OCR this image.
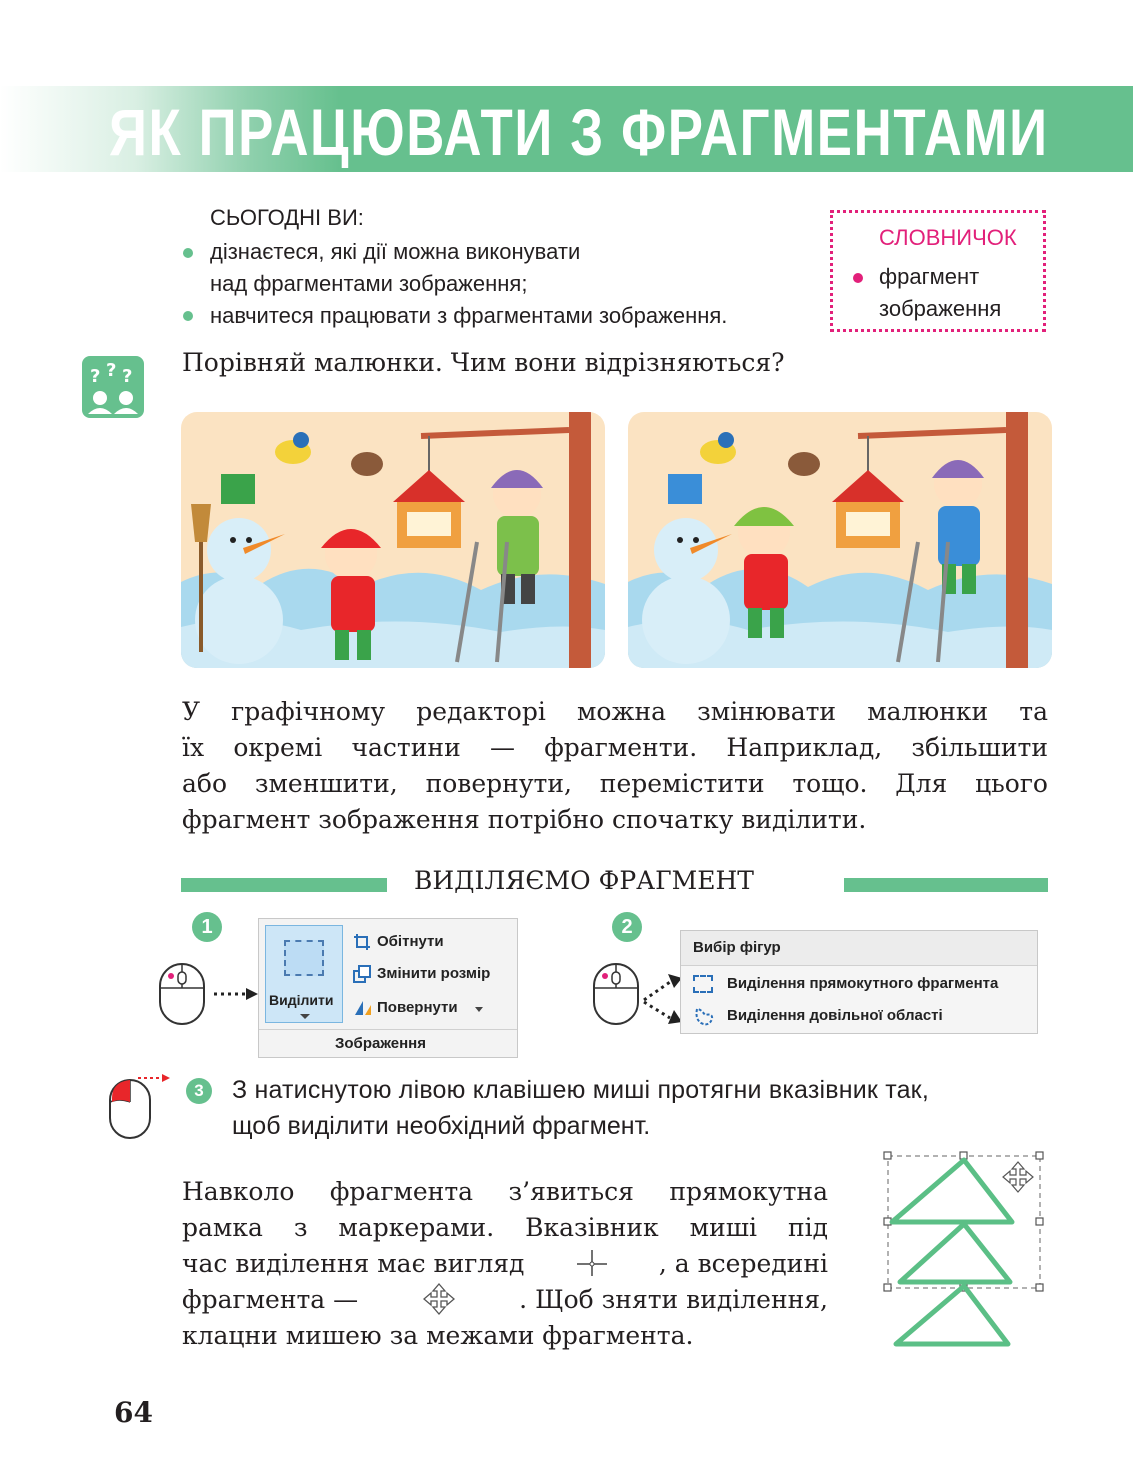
ЯК ПРАЦЮВАТИ З ФРАГМЕНТАМИ
СЬОГОДНІ ВИ:
дізнаєтеся, які дії можна виконувати
над фрагментами зображення;
навчитеся працювати з фрагментами зображення.
СЛОВНИЧОК
фрагмент
зображення
? ? ? Порівняй малюнки. Чим вони відрізняються?
У графічному редакторі можна змінювати малюнки та
їх окремі частини — фрагменти. Наприклад, збільшити
або зменшити, повернути, перемістити тощо. Для цього
фрагмент зображення потрібно спочатку виділити.
ВИДІЛЯЄМО ФРАГМЕНТ
1
Виділити
Обітнути
Змінити розмір
Повернути
Зображення
2
Вибір фігур
Виділення прямокутного фрагмента
Виділення довільної області
3	З натиснутою лівою клавішею миші протягни вказівник так,
щоб виділити необхідний фрагмент.
Навколо фрагмента з’явиться прямокутна
рамка з маркерами. Вказівник миші під
час виділення має вигляд	, а всередині
фрагмента —	. Щоб зняти виділення,
клацни мишею за межами фрагмента.
64
